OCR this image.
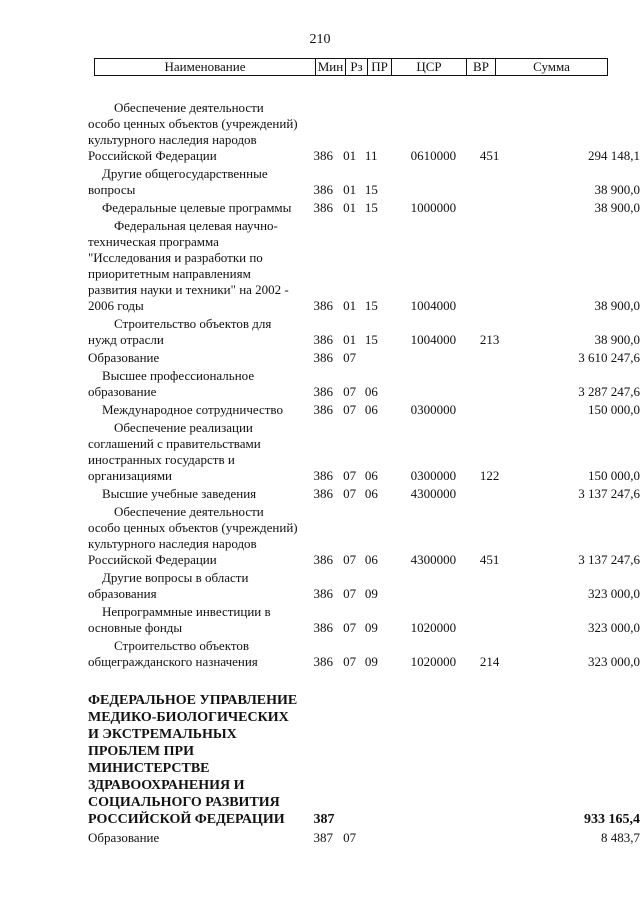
210
Наименование	Мин Рз ПР	ЦСР	ВР	Сумма
Обеспечение деятельности особо ценных объектов (учреждений) культурного наследия народов Российской Федерации	386 01 11	0610000	451	294 148,1
Другие общегосударственные вопросы	386 01 15	38 900,0
Федеральные целевые программы	386 01 15	1000000	38 900,0
Федеральная целевая научно-техническая программа "Исследования и разработки по приоритетным направлениям развития науки и техники" на 2002 - 2006 годы	386 01 15	1004000	38 900,0
Строительство объектов для нужд отрасли	386 01 15	1004000	213	38 900,0
Образование	386 07	3 610 247,6
Высшее профессиональное образование	386 07 06	3 287 247,6
Международное сотрудничество	386 07 06	0300000	150 000,0
Обеспечение реализации соглашений с правительствами иностранных государств и организациями	386 07 06	0300000	122	150 000,0
Высшие учебные заведения	386 07 06	4300000	3 137 247,6
Обеспечение деятельности особо ценных объектов (учреждений) культурного наследия народов Российской Федерации	386 07 06	4300000	451	3 137 247,6
Другие вопросы в области образования	386 07 09	323 000,0
Непрограммные инвестиции в основные фонды	386 07 09	1020000	323 000,0
Строительство объектов общегражданского назначения	386 07 09	1020000	214	323 000,0
ФЕДЕРАЛЬНОЕ УПРАВЛЕНИЕ МЕДИКО-БИОЛОГИЧЕСКИХ И ЭКСТРЕМАЛЬНЫХ ПРОБЛЕМ ПРИ МИНИСТЕРСТВЕ ЗДРАВООХРАНЕНИЯ И СОЦИАЛЬНОГО РАЗВИТИЯ РОССИЙСКОЙ ФЕДЕРАЦИИ	387	933 165,4
Образование	387 07	8 483,7
